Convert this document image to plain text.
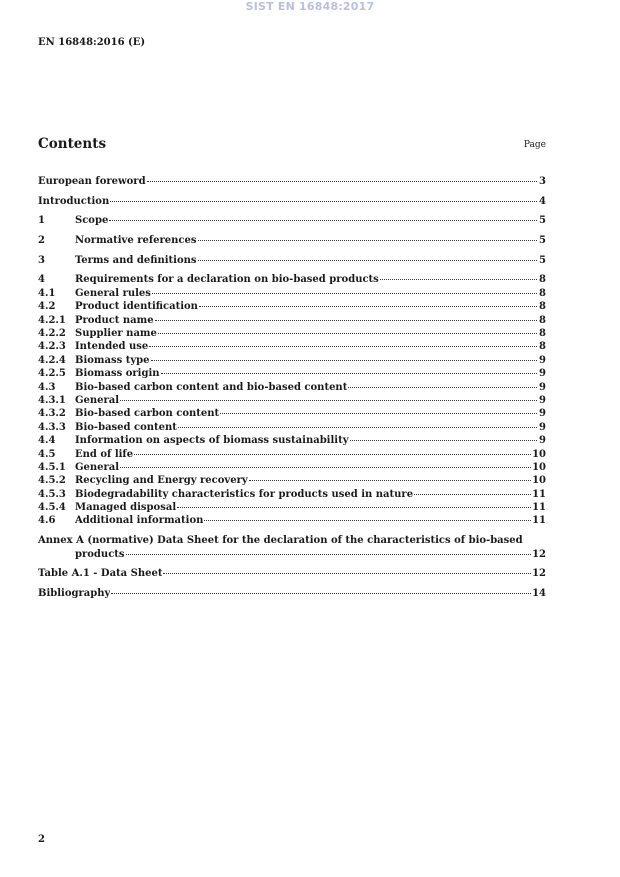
SIST EN 16848:2017
EN 16848:2016 (E)
Contents	Page
European foreword	3
Introduction	4
1	Scope	5
2	Normative references	5
3	Terms and definitions	5
4	Requirements for a declaration on bio-based products	8
4.1	General rules	8
4.2	Product identification	8
4.2.1 Product name	8
4.2.2 Supplier name	8
4.2.3 Intended use	8
4.2.4 Biomass type	9
4.2.5 Biomass origin	9
4.3	Bio-based carbon content and bio-based content	9
4.3.1 General	9
4.3.2 Bio-based carbon content	9
4.3.3 Bio-based content	9
4.4	Information on aspects of biomass sustainability	9
4.5	End of life	10
4.5.1 General	10
4.5.2 Recycling and Energy recovery	10
4.5.3 Biodegradability characteristics for products used in nature	11
4.5.4 Managed disposal	11
4.6	Additional information	11
Annex A (normative) Data Sheet for the declaration of the characteristics of bio-based
products	12
Table A.1 - Data Sheet	12
Bibliography	14
2
